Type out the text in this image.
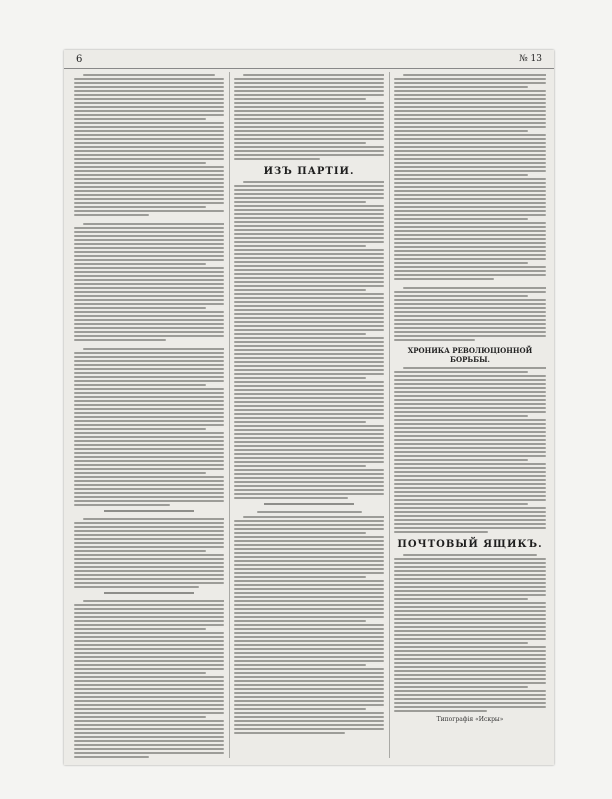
6	№ 13
ИЗЪ ПАРТІИ.
ХРОНИКА РЕВОЛЮЦІОННОЙ БОРЬБЫ.
ПОЧТОВЫЙ ЯЩИКЪ.
Типографія «Искры»
